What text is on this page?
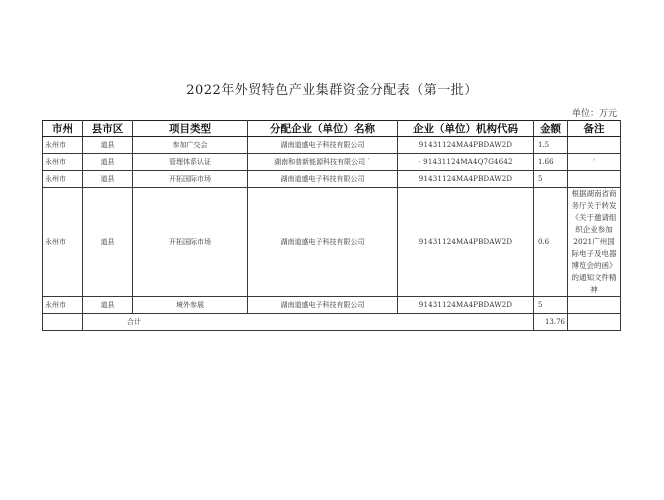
2022年外贸特色产业集群资金分配表（第一批）
单位：万元
市州	县市区	项目类型	分配企业（单位）名称	企业（单位）机构代码	金额	备注
永州市	道县	参加广交会	湖南道盛电子科技有限公司	91431124MA4PBDAW2D	1.5	
永州市	道县	管理体系认证	湖南和普新能源科技有限公司 `	· 91431124MA4Q7G4642	1.66	'
永州市	道县	开拓国际市场	湖南道盛电子科技有限公司	91431124MA4PBDAW2D	5	
永州市	道县	开拓国际市场	湖南道盛电子科技有限公司	91431124MA4PBDAW2D	0.6	根据湖南省商务厅关于转发《关于邀请组织企业参加2021广州国际电子及电器博览会的函》的通知文件精神
永州市	道县	境外参展	湖南道盛电子科技有限公司	91431124MA4PBDAW2D	5	
	合计				13.76	
